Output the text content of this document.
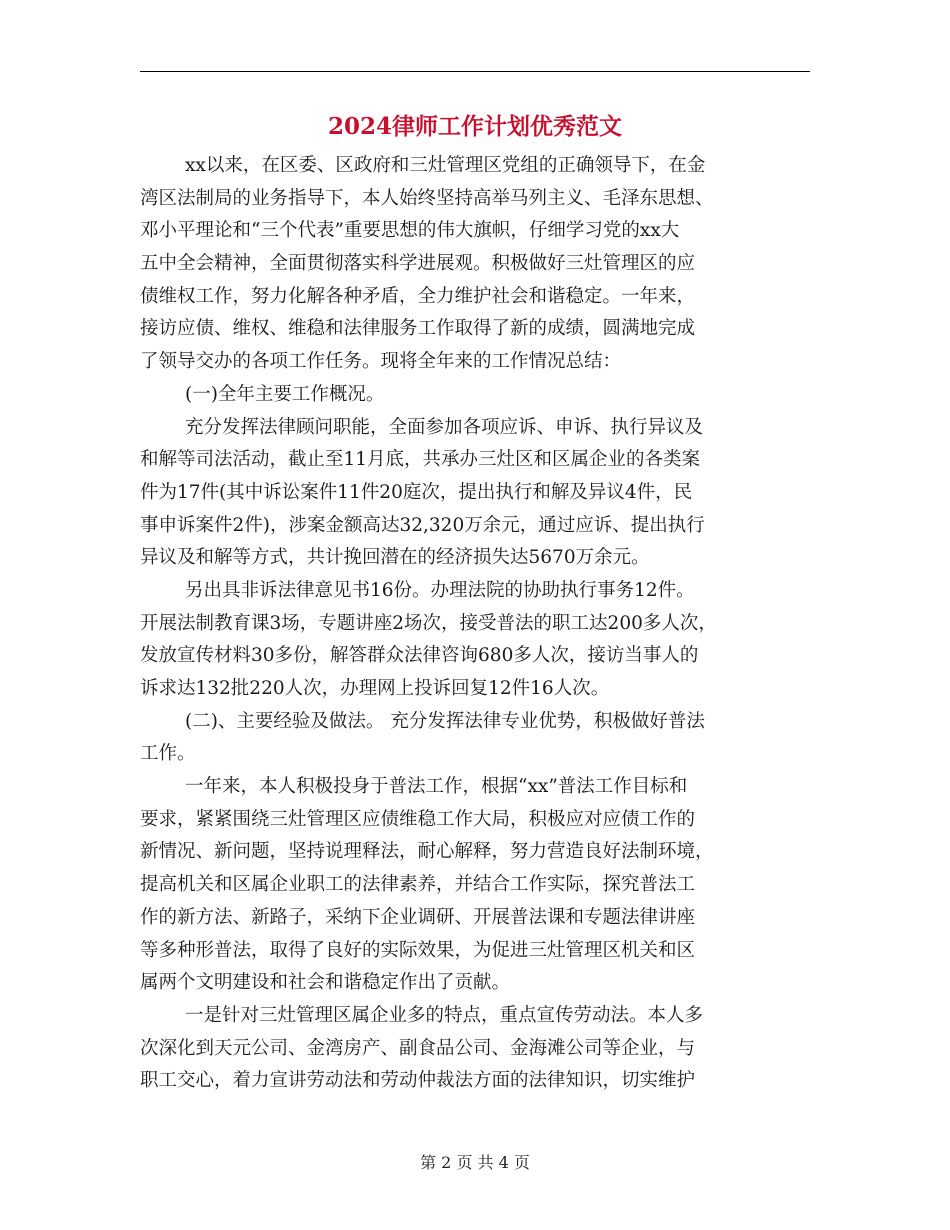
2024律师工作计划优秀范文
xx以来，在区委、区政府和三灶管理区党组的正确领导下，在金
湾区法制局的业务指导下，本人始终坚持高举马列主义、毛泽东思想、
邓小平理论和“三个代表”重要思想的伟大旗帜，仔细学习党的xx大
五中全会精神，全面贯彻落实科学进展观。积极做好三灶管理区的应
债维权工作，努力化解各种矛盾，全力维护社会和谐稳定。一年来，
接访应债、维权、维稳和法律服务工作取得了新的成绩，圆满地完成
了领导交办的各项工作任务。现将全年来的工作情况总结：
(一)全年主要工作概况。
充分发挥法律顾问职能，全面参加各项应诉、申诉、执行异议及
和解等司法活动，截止至11月底，共承办三灶区和区属企业的各类案
件为17件(其中诉讼案件11件20庭次，提出执行和解及异议4件，民
事申诉案件2件)，涉案金额高达32,320万余元，通过应诉、提出执行
异议及和解等方式，共计挽回潜在的经济损失达5670万余元。
另出具非诉法律意见书16份。办理法院的协助执行事务12件。
开展法制教育课3场，专题讲座2场次，接受普法的职工达200多人次，
发放宣传材料30多份，解答群众法律咨询680多人次，接访当事人的
诉求达132批220人次，办理网上投诉回复12件16人次。
(二)、主要经验及做法。 充分发挥法律专业优势，积极做好普法
工作。
一年来，本人积极投身于普法工作，根据“xx”普法工作目标和
要求，紧紧围绕三灶管理区应债维稳工作大局，积极应对应债工作的
新情况、新问题，坚持说理释法，耐心解释，努力营造良好法制环境，
提高机关和区属企业职工的法律素养，并结合工作实际，探究普法工
作的新方法、新路子，采纳下企业调研、开展普法课和专题法律讲座
等多种形普法，取得了良好的实际效果，为促进三灶管理区机关和区
属两个文明建设和社会和谐稳定作出了贡献。
一是针对三灶管理区属企业多的特点，重点宣传劳动法。本人多
次深化到天元公司、金湾房产、副食品公司、金海滩公司等企业，与
职工交心，着力宣讲劳动法和劳动仲裁法方面的法律知识，切实维护
第 2 页 共 4 页
